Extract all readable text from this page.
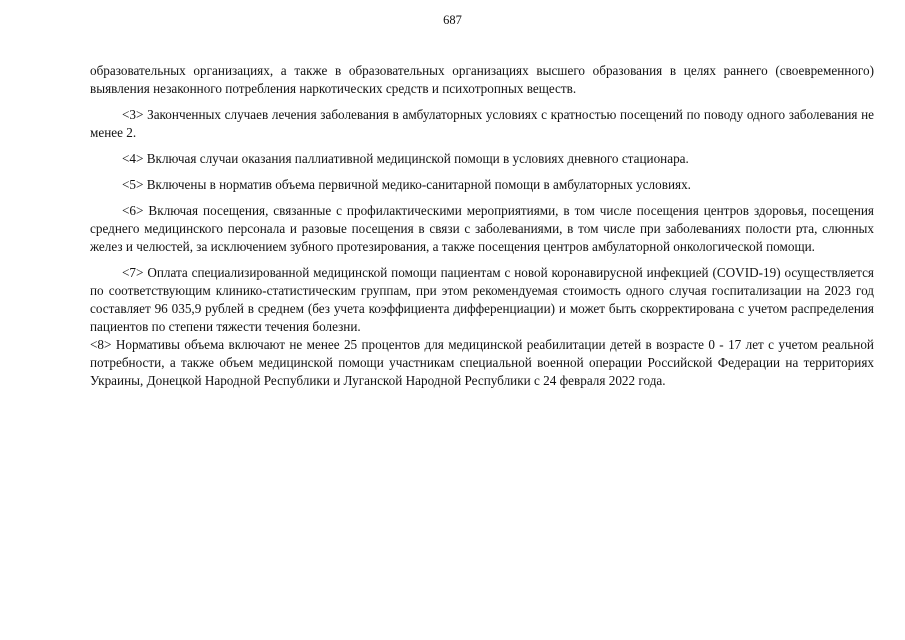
687

образовательных организациях, а также в образовательных организациях высшего образования в целях раннего (своевременного) выявления незаконного потребления наркотических средств и психотропных веществ.

<3> Законченных случаев лечения заболевания в амбулаторных условиях с кратностью посещений по поводу одного заболевания не менее 2.

<4> Включая случаи оказания паллиативной медицинской помощи в условиях дневного стационара.

<5> Включены в норматив объема первичной медико-санитарной помощи в амбулаторных условиях.

<6> Включая посещения, связанные с профилактическими мероприятиями, в том числе посещения центров здоровья, посещения среднего медицинского персонала и разовые посещения в связи с заболеваниями, в том числе при заболеваниях полости рта, слюнных желез и челюстей, за исключением зубного протезирования, а также посещения центров амбулаторной онкологической помощи.

<7> Оплата специализированной медицинской помощи пациентам с новой коронавирусной инфекцией (COVID-19) осуществляется по соответствующим клинико-статистическим группам, при этом рекомендуемая стоимость одного случая госпитализации на 2023 год составляет 96 035,9 рублей в среднем (без учета коэффициента дифференциации) и может быть скорректирована с учетом распределения пациентов по степени тяжести течения болезни.

<8> Нормативы объема включают не менее 25 процентов для медицинской реабилитации детей в возрасте 0 - 17 лет с учетом реальной потребности, а также объем медицинской помощи участникам специальной военной операции Российской Федерации на территориях Украины, Донецкой Народной Республики и Луганской Народной Республики с 24 февраля 2022 года.
